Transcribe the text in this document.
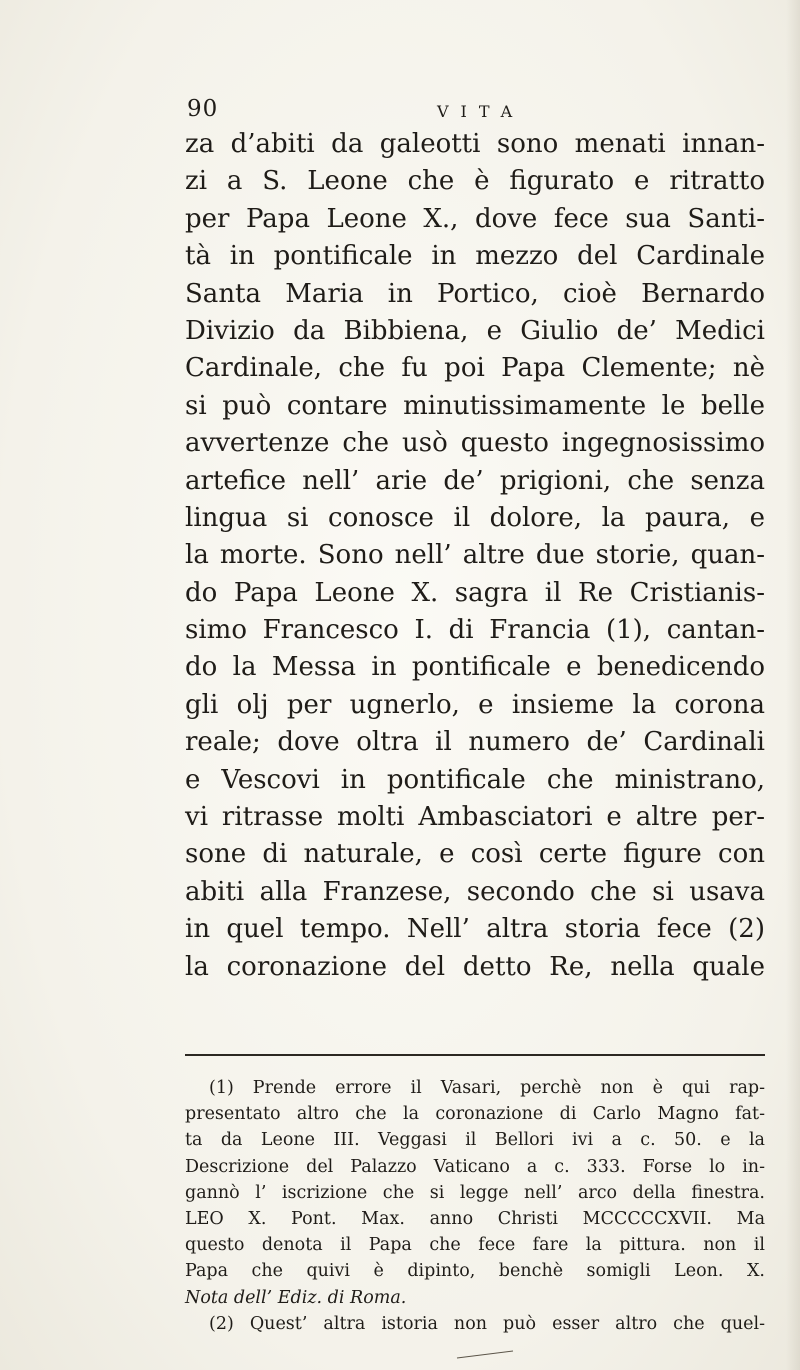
90	VITA
za d’abiti da galeotti sono menati innan-
zi a S. Leone che è figurato e ritratto
per Papa Leone X., dove fece sua Santi-
tà in pontificale in mezzo del Cardinale
Santa Maria in Portico, cioè Bernardo
Divizio da Bibbiena, e Giulio de’ Medici
Cardinale, che fu poi Papa Clemente; nè
si può contare minutissimamente le belle
avvertenze che usò questo ingegnosissimo
artefice nell’ arie de’ prigioni, che senza
lingua si conosce il dolore, la paura, e
la morte. Sono nell’ altre due storie, quan-
do Papa Leone X. sagra il Re Cristianis-
simo Francesco I. di Francia (1), cantan-
do la Messa in pontificale e benedicendo
gli olj per ugnerlo, e insieme la corona
reale; dove oltra il numero de’ Cardinali
e Vescovi in pontificale che ministrano,
vi ritrasse molti Ambasciatori e altre per-
sone di naturale, e così certe figure con
abiti alla Franzese, secondo che si usava
in quel tempo. Nell’ altra storia fece (2)
la coronazione del detto Re, nella quale
(1) Prende errore il Vasari, perchè non è qui rap-
presentato altro che la coronazione di Carlo Magno fat-
ta da Leone III. Veggasi il Bellori ivi a c. 50. e la
Descrizione del Palazzo Vaticano a c. 333. Forse lo in-
gannò l’ iscrizione che si legge nell’ arco della finestra.
LEO X. Pont. Max. anno Christi MCCCCCXVII. Ma
questo denota il Papa che fece fare la pittura. non il
Papa che quivi è dipinto, benchè somigli Leon. X.
Nota dell’ Ediz. di Roma.
(2) Quest’ altra istoria non può esser altro che quel-
